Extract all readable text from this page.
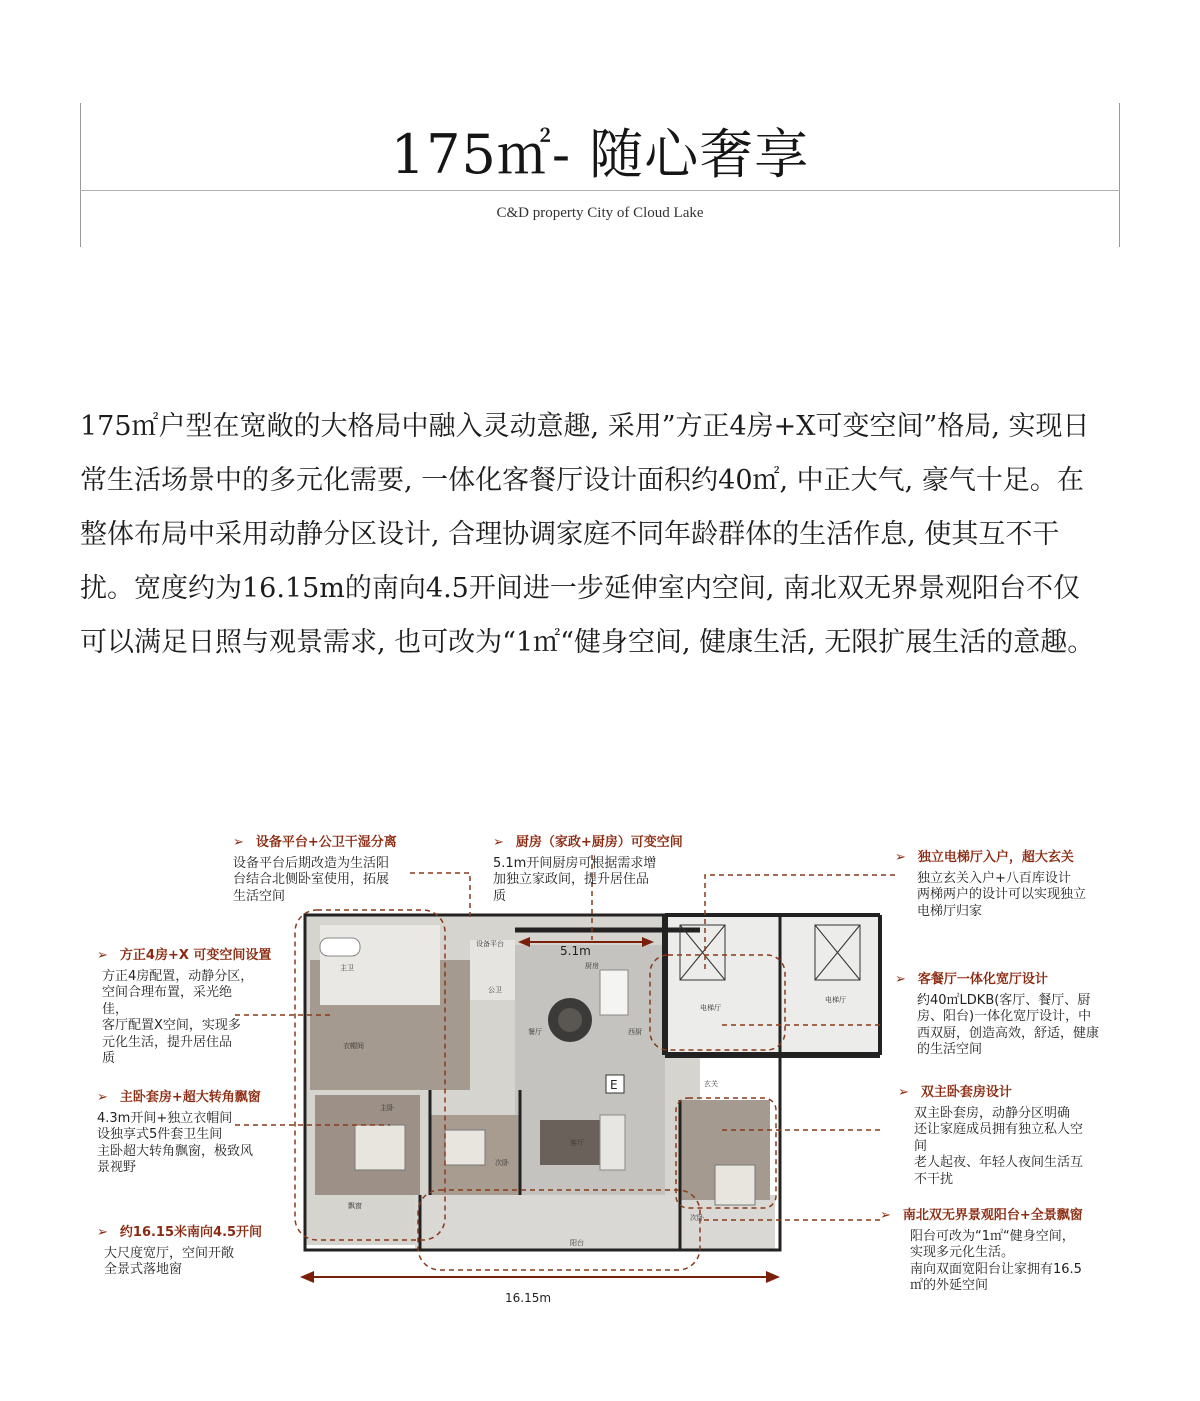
175㎡- 随心奢享
C&D property City of Cloud Lake

175㎡户型在宽敞的大格局中融入灵动意趣, 采用”方正4房+X可变空间”格局, 实现日

常生活场景中的多元化需要, 一体化客餐厅设计面积约40㎡, 中正大气, 豪气十足。在

整体布局中采用动静分区设计, 合理协调家庭不同年龄群体的生活作息, 使其互不干

扰。宽度约为16.15m的南向4.5开间进一步延伸室内空间, 南北双无界景观阳台不仅

可以满足日照与观景需求, 也可改为“1㎡“健身空间, 健康生活, 无限扩展生活的意趣。

主卫
设备平台
公卫
厨房
餐厅	西厨
电梯厅
电梯厅
玄关
客厅
衣帽间
飘窗
主卧
次卧
次卧
阳台
E
5.1m
16.15m
➢ 设备平台+公卫干湿分离
设备平台后期改造为生活阳
台结合北侧卧室使用，拓展
生活空间
➢ 厨房（家政+厨房）可变空间
5.1m开间厨房可根据需求增
加独立家政间，提升居住品
质
➢ 独立电梯厅入户，超大玄关
独立玄关入户+八百库设计
两梯两户的设计可以实现独立
电梯厅归家
➢ 方正4房+X 可变空间设置
方正4房配置，动静分区，
空间合理布置，采光绝
佳，
客厅配置X空间，实现多
元化生活，提升居住品
质
➢ 客餐厅一体化宽厅设计
约40㎡LDKB(客厅、餐厅、厨
房、阳台)一体化宽厅设计，中
西双厨，创造高效，舒适，健康
的生活空间
➢ 主卧套房+超大转角飘窗
4.3m开间+独立衣帽间
设独享式5件套卫生间
主卧超大转角飘窗，极致风
景视野
➢ 双主卧套房设计
双主卧套房，动静分区明确
还让家庭成员拥有独立私人空
间
老人起夜、年轻人夜间生活互
不干扰
➢ 约16.15米南向4.5开间
大尺度宽厅，空间开敞
全景式落地窗
➢ 南北双无界景观阳台+全景飘窗
阳台可改为“1㎡“健身空间，
实现多元化生活。
南向双面宽阳台让家拥有16.5
㎡的外延空间
